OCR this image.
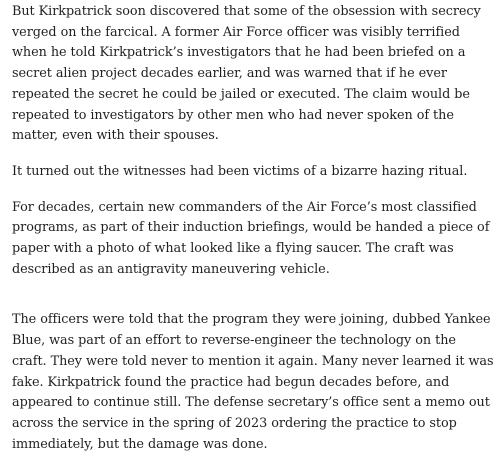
But Kirkpatrick soon discovered that some of the obsession with secrecy verged on the farcical. A former Air Force officer was visibly terrified when he told Kirkpatrick’s investigators that he had been briefed on a secret alien project decades earlier, and was warned that if he ever repeated the secret he could be jailed or executed. The claim would be repeated to investigators by other men who had never spoken of the matter, even with their spouses.

It turned out the witnesses had been victims of a bizarre hazing ritual.

For decades, certain new commanders of the Air Force’s most classified programs, as part of their induction briefings, would be handed a piece of paper with a photo of what looked like a flying saucer. The craft was described as an antigravity maneuvering vehicle.

The officers were told that the program they were joining, dubbed Yankee Blue, was part of an effort to reverse-engineer the technology on the craft. They were told never to mention it again. Many never learned it was fake. Kirkpatrick found the practice had begun decades before, and appeared to continue still. The defense secretary’s office sent a memo out across the service in the spring of 2023 ordering the practice to stop immediately, but the damage was done.
